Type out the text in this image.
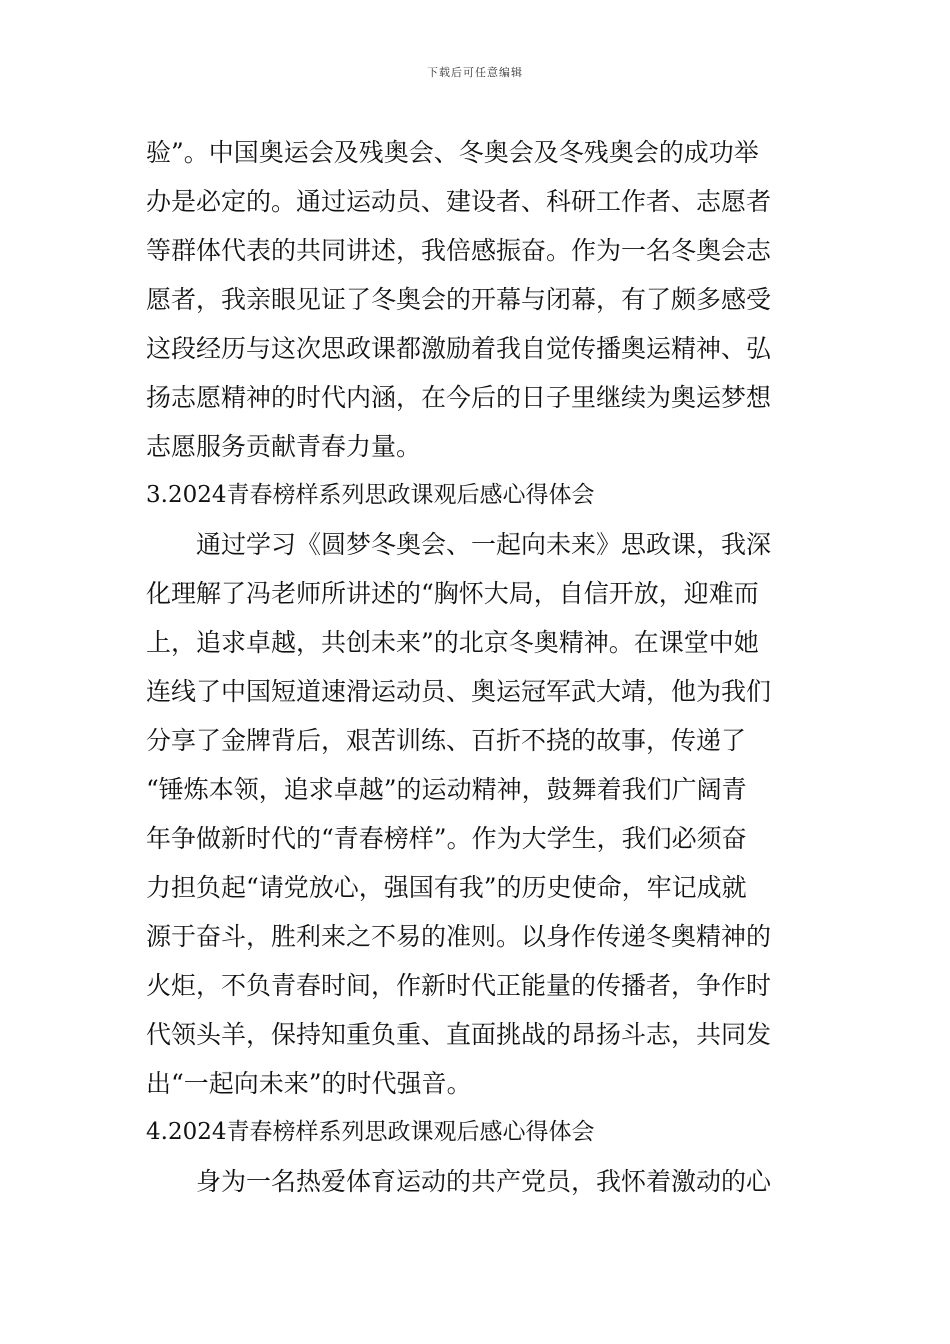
下载后可任意编辑
验”。中国奥运会及残奥会、冬奥会及冬残奥会的成功举
办是必定的。通过运动员、建设者、科研工作者、志愿者
等群体代表的共同讲述，我倍感振奋。作为一名冬奥会志
愿者，我亲眼见证了冬奥会的开幕与闭幕，有了颇多感受
这段经历与这次思政课都激励着我自觉传播奥运精神、弘
扬志愿精神的时代内涵，在今后的日子里继续为奥运梦想
志愿服务贡献青春力量。
3.2024青春榜样系列思政课观后感心得体会
　　通过学习《圆梦冬奥会、一起向未来》思政课，我深
化理解了冯老师所讲述的“胸怀大局，自信开放，迎难而
上，追求卓越，共创未来”的北京冬奥精神。在课堂中她
连线了中国短道速滑运动员、奥运冠军武大靖，他为我们
分享了金牌背后，艰苦训练、百折不挠的故事，传递了
“锤炼本领，追求卓越”的运动精神，鼓舞着我们广阔青
年争做新时代的“青春榜样”。作为大学生，我们必须奋
力担负起“请党放心，强国有我”的历史使命，牢记成就
源于奋斗，胜利来之不易的准则。以身作传递冬奥精神的
火炬，不负青春时间，作新时代正能量的传播者，争作时
代领头羊，保持知重负重、直面挑战的昂扬斗志，共同发
出“一起向未来”的时代强音。
4.2024青春榜样系列思政课观后感心得体会
　　身为一名热爱体育运动的共产党员，我怀着激动的心
